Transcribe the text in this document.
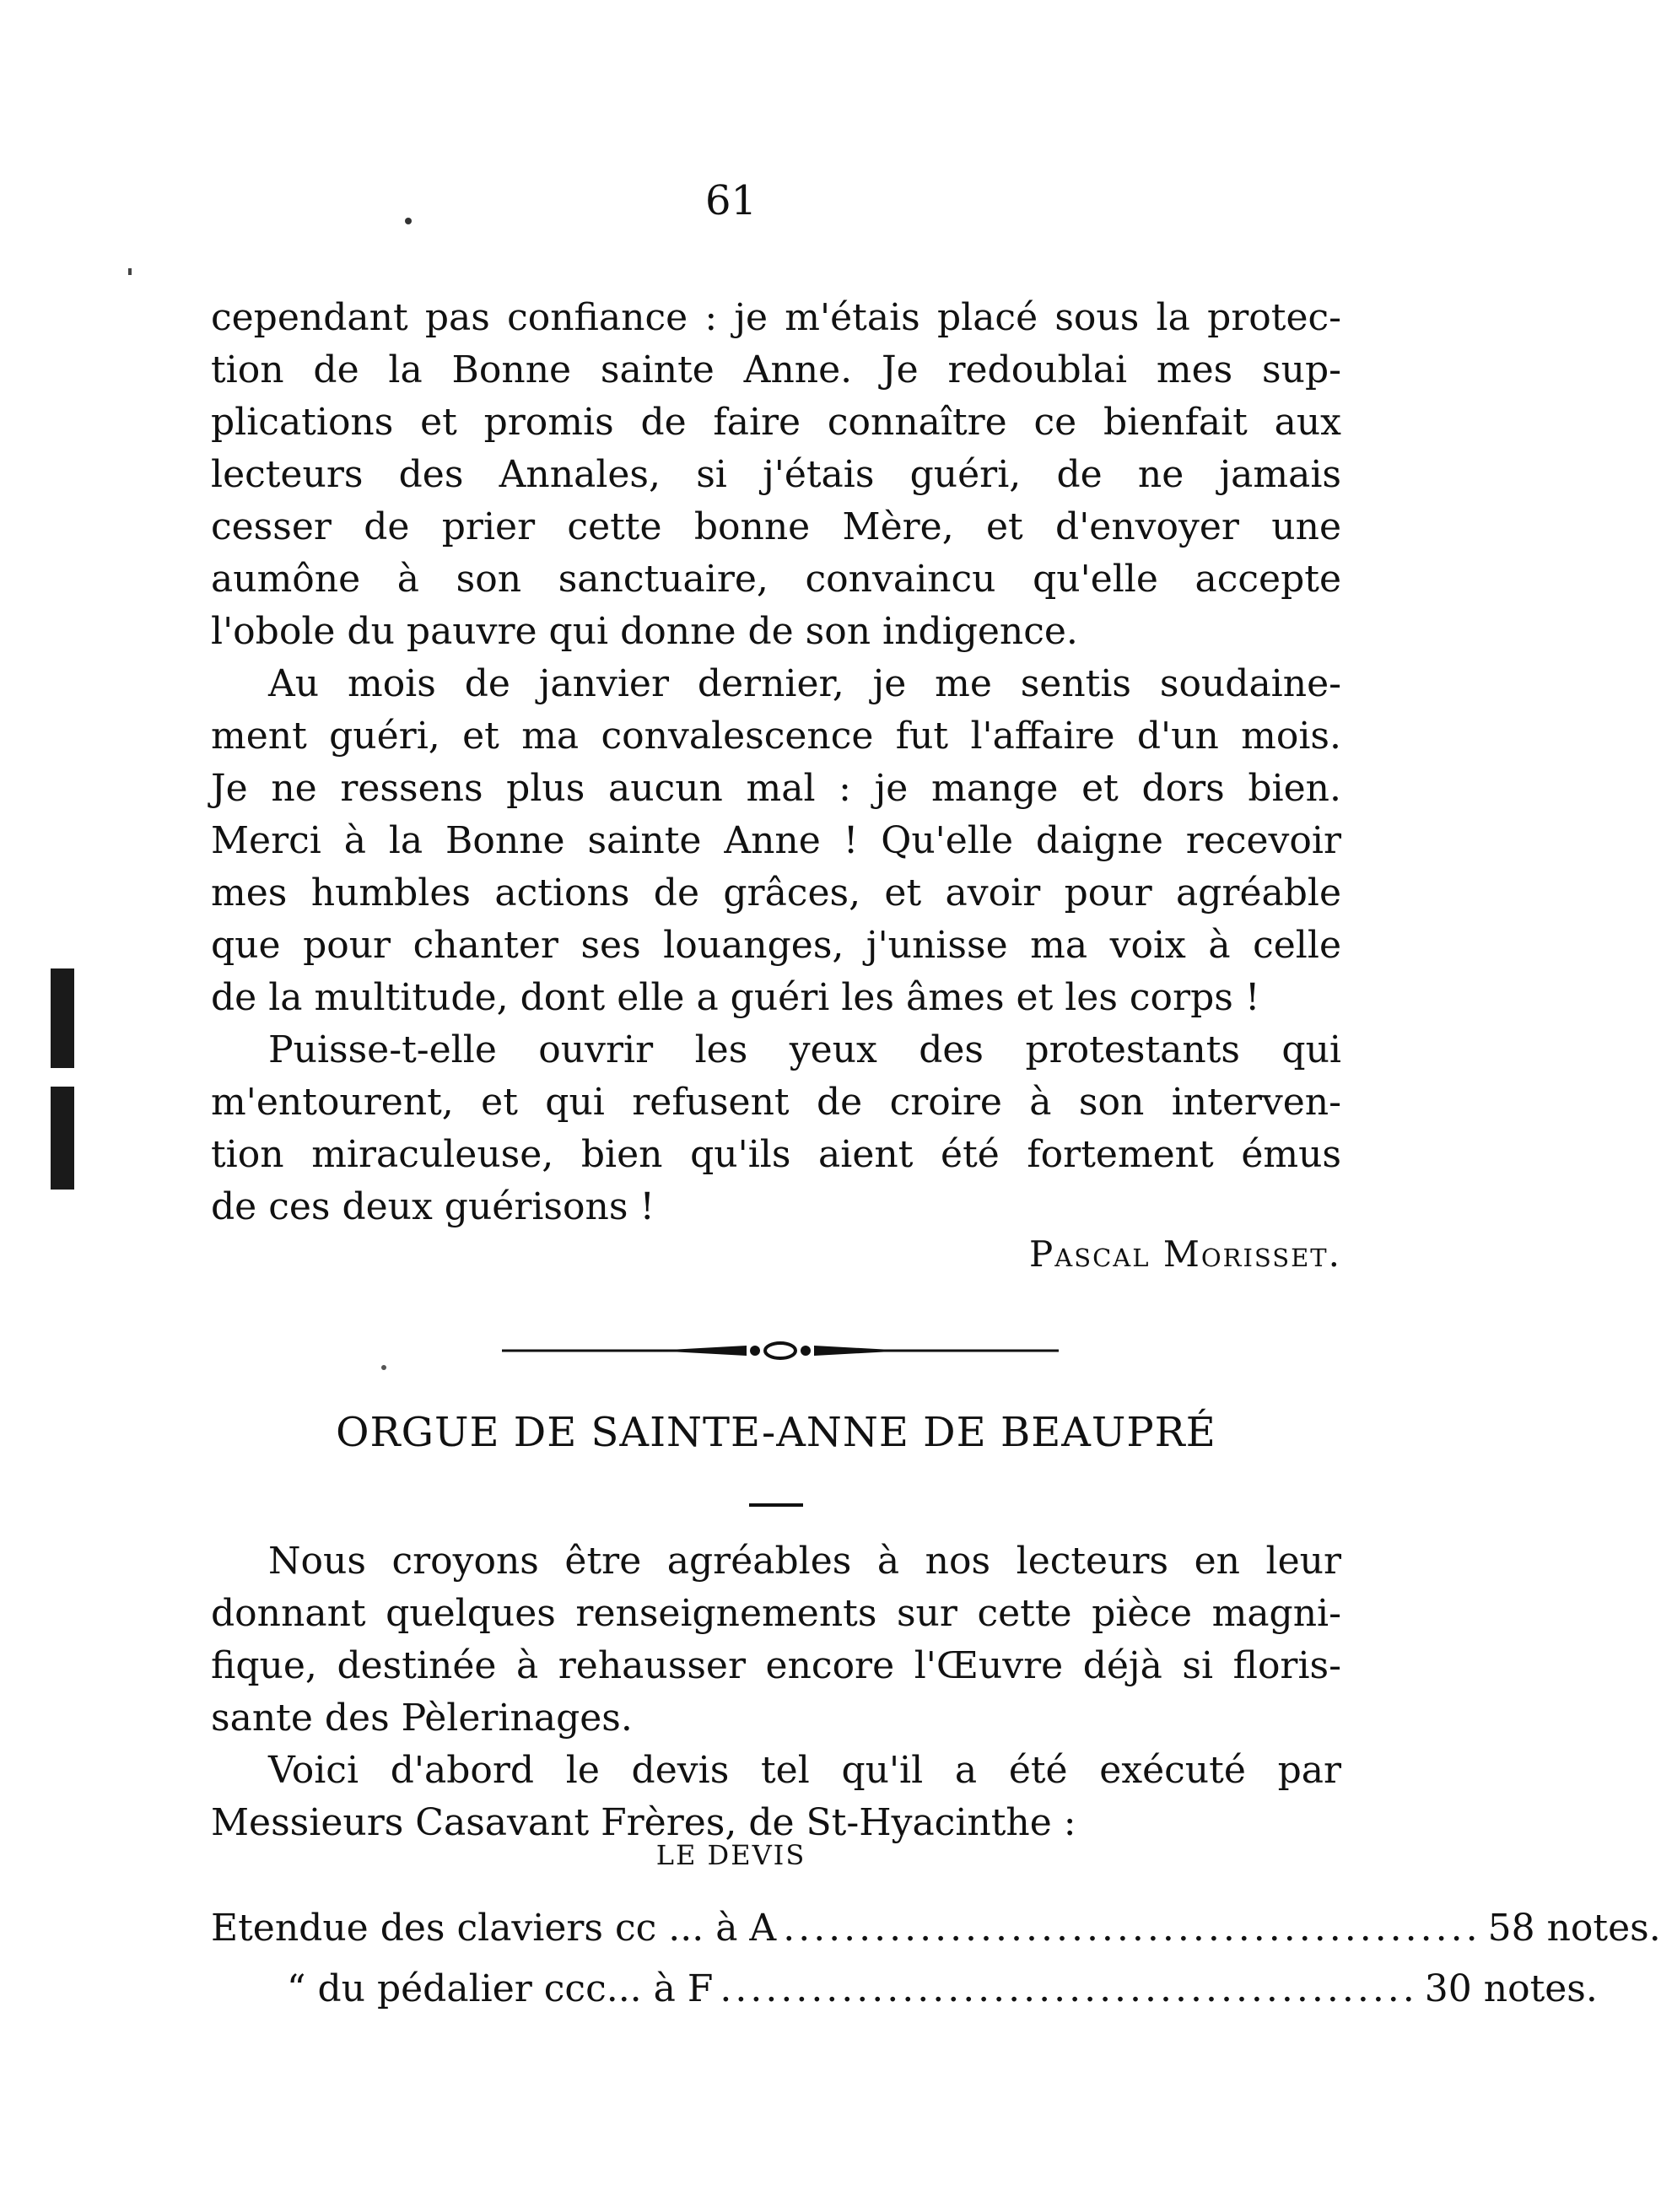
61
cependant pas confiance : je m'étais placé sous la protec-
tion de la Bonne sainte Anne. Je redoublai mes sup-
plications et promis de faire connaître ce bienfait aux
lecteurs des Annales, si j'étais guéri, de ne jamais
cesser de prier cette bonne Mère, et d'envoyer une
aumône à son sanctuaire, convaincu qu'elle accepte
l'obole du pauvre qui donne de son indigence.
Au mois de janvier dernier, je me sentis soudaine-
ment guéri, et ma convalescence fut l'affaire d'un mois.
Je ne ressens plus aucun mal : je mange et dors bien.
Merci à la Bonne sainte Anne ! Qu'elle daigne recevoir
mes humbles actions de grâces, et avoir pour agréable
que pour chanter ses louanges, j'unisse ma voix à celle
de la multitude, dont elle a guéri les âmes et les corps !
Puisse-t-elle ouvrir les yeux des protestants qui
m'entourent, et qui refusent de croire à son interven-
tion miraculeuse, bien qu'ils aient été fortement émus
de ces deux guérisons !
Pascal Morisset.
ORGUE DE SAINTE-ANNE DE BEAUPRÉ
Nous croyons être agréables à nos lecteurs en leur
donnant quelques renseignements sur cette pièce magni-
fique, destinée à rehausser encore l'Œuvre déjà si floris-
sante des Pèlerinages.
Voici d'abord le devis tel qu'il a été exécuté par
Messieurs Casavant Frères, de St-Hyacinthe :
LE DEVIS
Etendue des claviers cc ... à A .............................................. 58 notes.
“ du pédalier ccc... à F .............................................. 30 notes.
